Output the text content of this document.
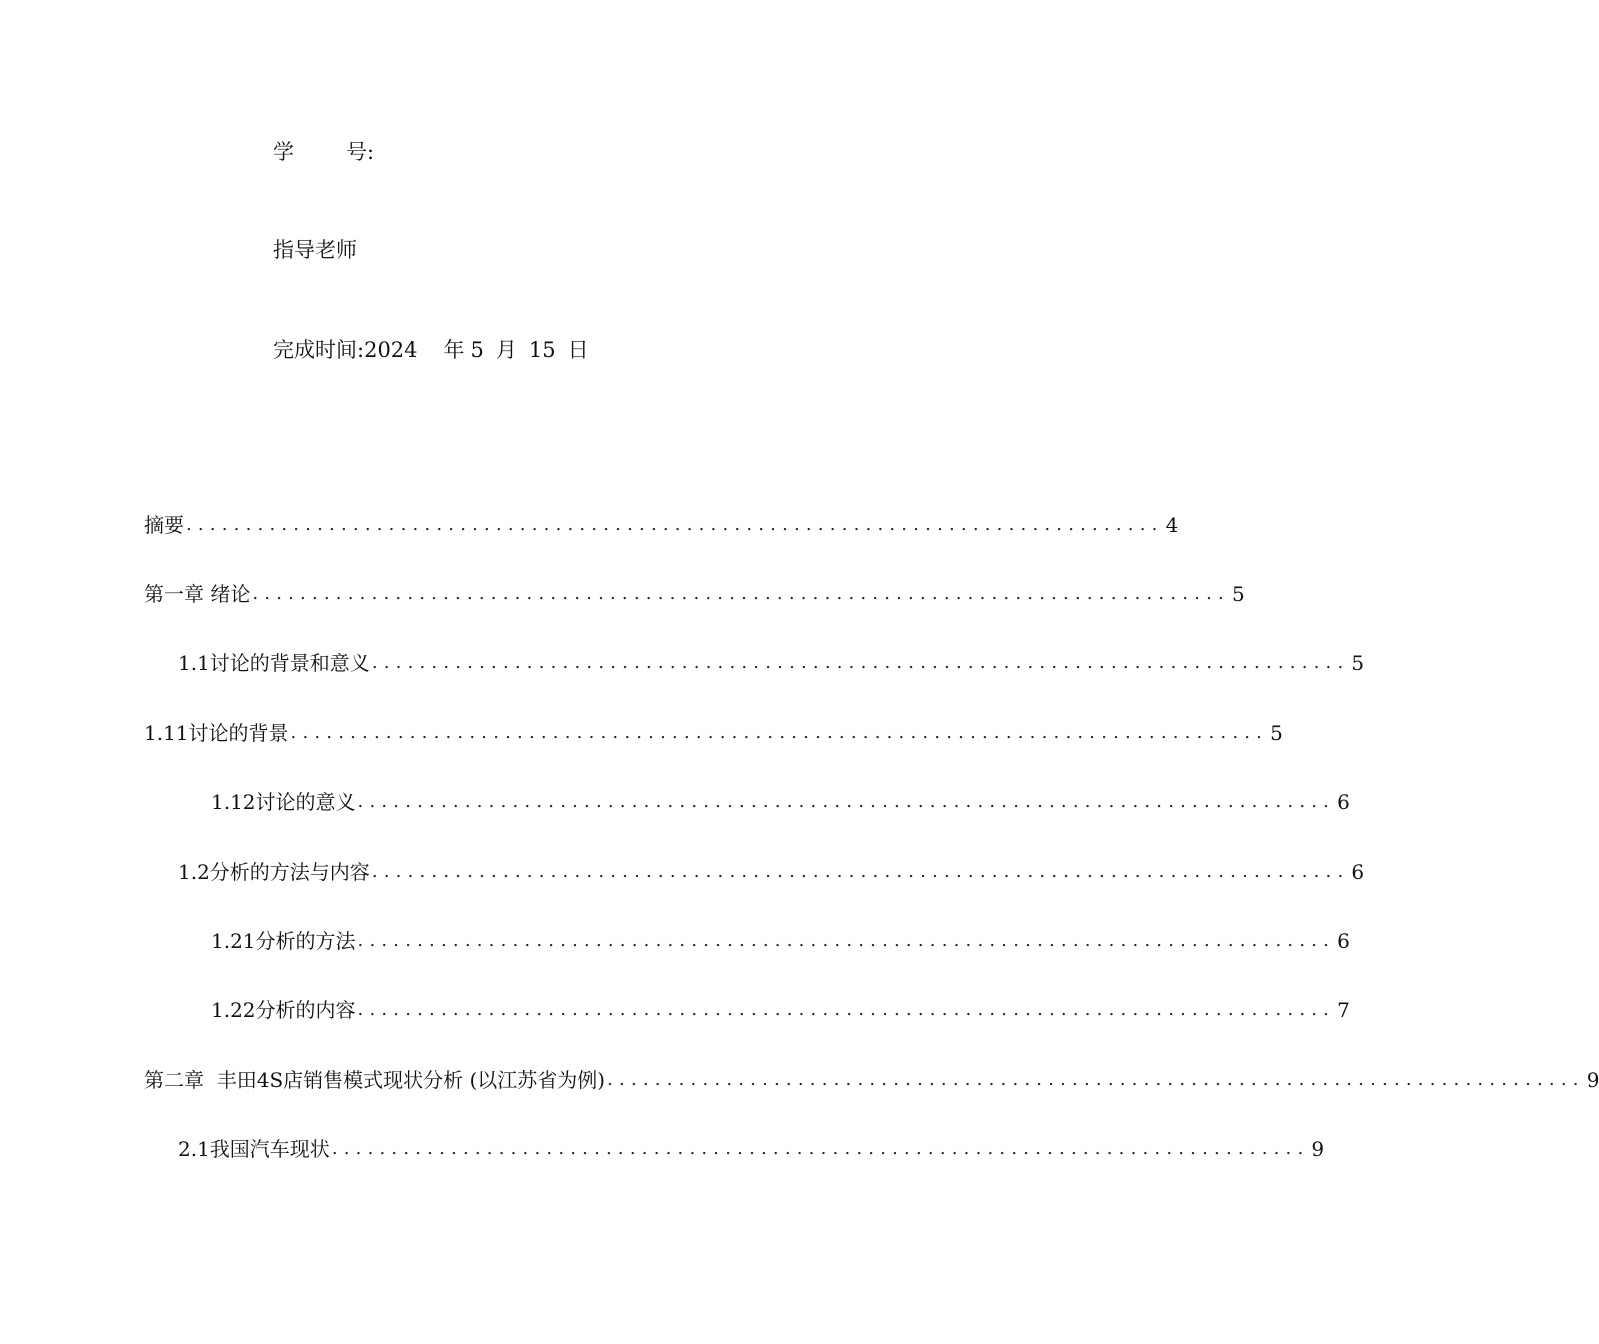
学 号:
指导老师
完成时间:2024 年 5 月 15 日
摘要 .................................................................................. 4
第一章 绪论 .................................................................................. 5
1.1讨论的背景和意义 .................................................................................. 5
1.11讨论的背景 .................................................................................. 5
1.12讨论的意义 .................................................................................. 6
1.2分析的方法与内容 .................................................................................. 6
1.21分析的方法 .................................................................................. 6
1.22分析的内容 .................................................................................. 7
第二章  丰田4S店销售模式现状分析 (以江苏省为例) .................................................................................. 9
2.1我国汽车现状 .................................................................................. 9
